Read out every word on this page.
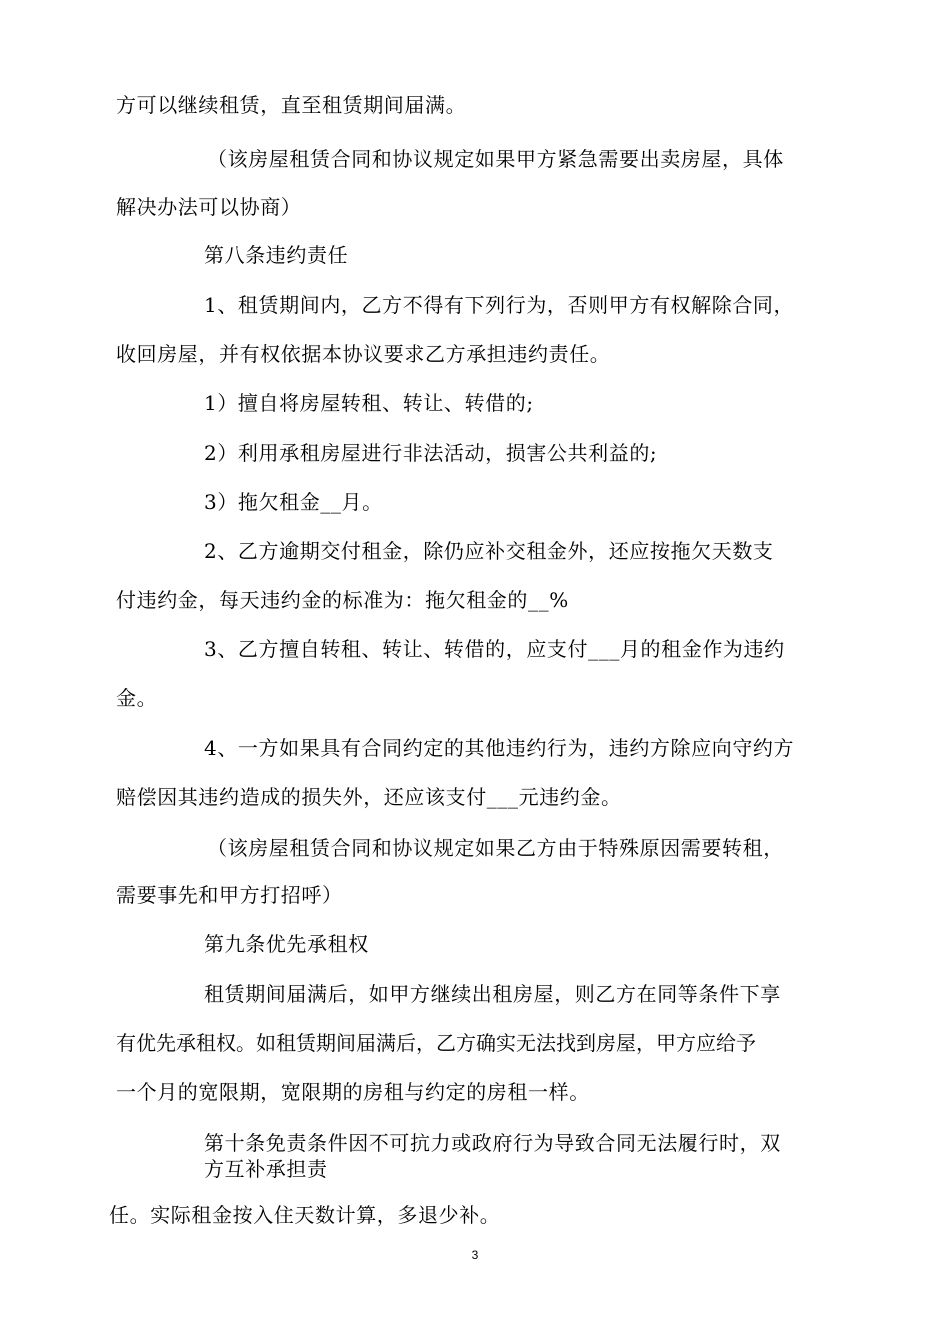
方可以继续租赁，直至租赁期间届满。
（该房屋租赁合同和协议规定如果甲方紧急需要出卖房屋，具体
解决办法可以协商）
第八条违约责任
1、租赁期间内，乙方不得有下列行为，否则甲方有权解除合同，
收回房屋，并有权依据本协议要求乙方承担违约责任。
1）擅自将房屋转租、转让、转借的;
2）利用承租房屋进行非法活动，损害公共利益的;
3）拖欠租金__月。
2、乙方逾期交付租金，除仍应补交租金外，还应按拖欠天数支
付违约金，每天违约金的标准为：拖欠租金的__%
3、乙方擅自转租、转让、转借的，应支付___月的租金作为违约
金。
4、一方如果具有合同约定的其他违约行为，违约方除应向守约方
赔偿因其违约造成的损失外，还应该支付___元违约金。
（该房屋租赁合同和协议规定如果乙方由于特殊原因需要转租，
需要事先和甲方打招呼）
第九条优先承租权
租赁期间届满后，如甲方继续出租房屋，则乙方在同等条件下享
有优先承租权。如租赁期间届满后，乙方确实无法找到房屋，甲方应给予
一个月的宽限期，宽限期的房租与约定的房租一样。
第十条免责条件因不可抗力或政府行为导致合同无法履行时，双
方互补承担责
任。实际租金按入住天数计算，多退少补。
3
